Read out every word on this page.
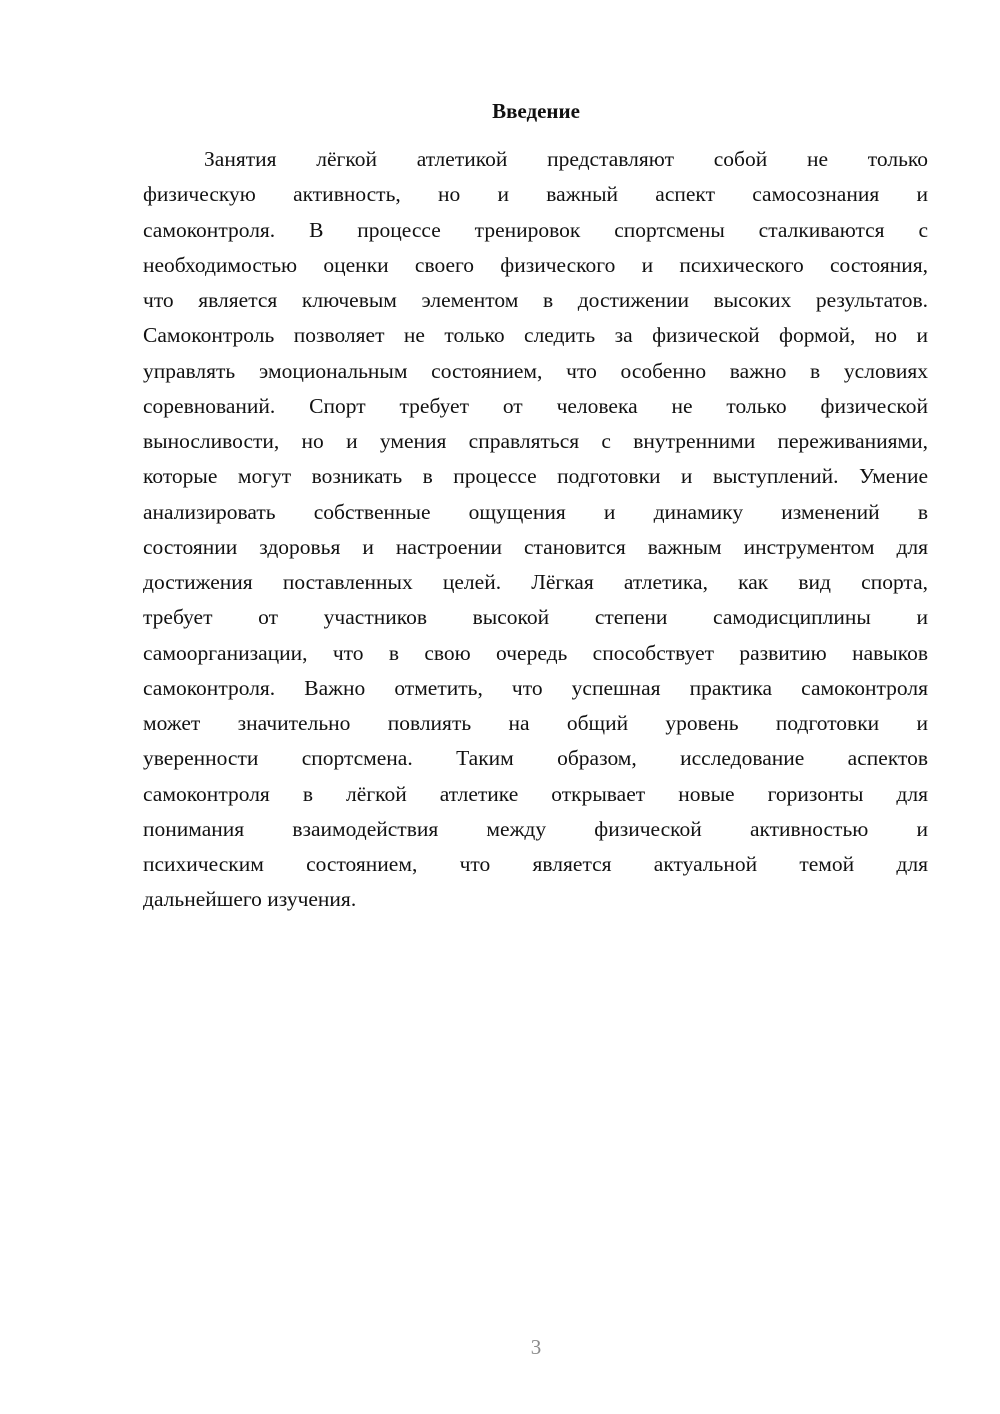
Введение
Занятия лёгкой атлетикой представляют собой не только
физическую активность, но и важный аспект самосознания и
самоконтроля. В процессе тренировок спортсмены сталкиваются с
необходимостью оценки своего физического и психического состояния,
что является ключевым элементом в достижении высоких результатов.
Самоконтроль позволяет не только следить за физической формой, но и
управлять эмоциональным состоянием, что особенно важно в условиях
соревнований. Спорт требует от человека не только физической
выносливости, но и умения справляться с внутренними переживаниями,
которые могут возникать в процессе подготовки и выступлений. Умение
анализировать собственные ощущения и динамику изменений в
состоянии здоровья и настроении становится важным инструментом для
достижения поставленных целей. Лёгкая атлетика, как вид спорта,
требует от участников высокой степени самодисциплины и
самоорганизации, что в свою очередь способствует развитию навыков
самоконтроля. Важно отметить, что успешная практика самоконтроля
может значительно повлиять на общий уровень подготовки и
уверенности спортсмена. Таким образом, исследование аспектов
самоконтроля в лёгкой атлетике открывает новые горизонты для
понимания взаимодействия между физической активностью и
психическим состоянием, что является актуальной темой для
дальнейшего изучения.
3
